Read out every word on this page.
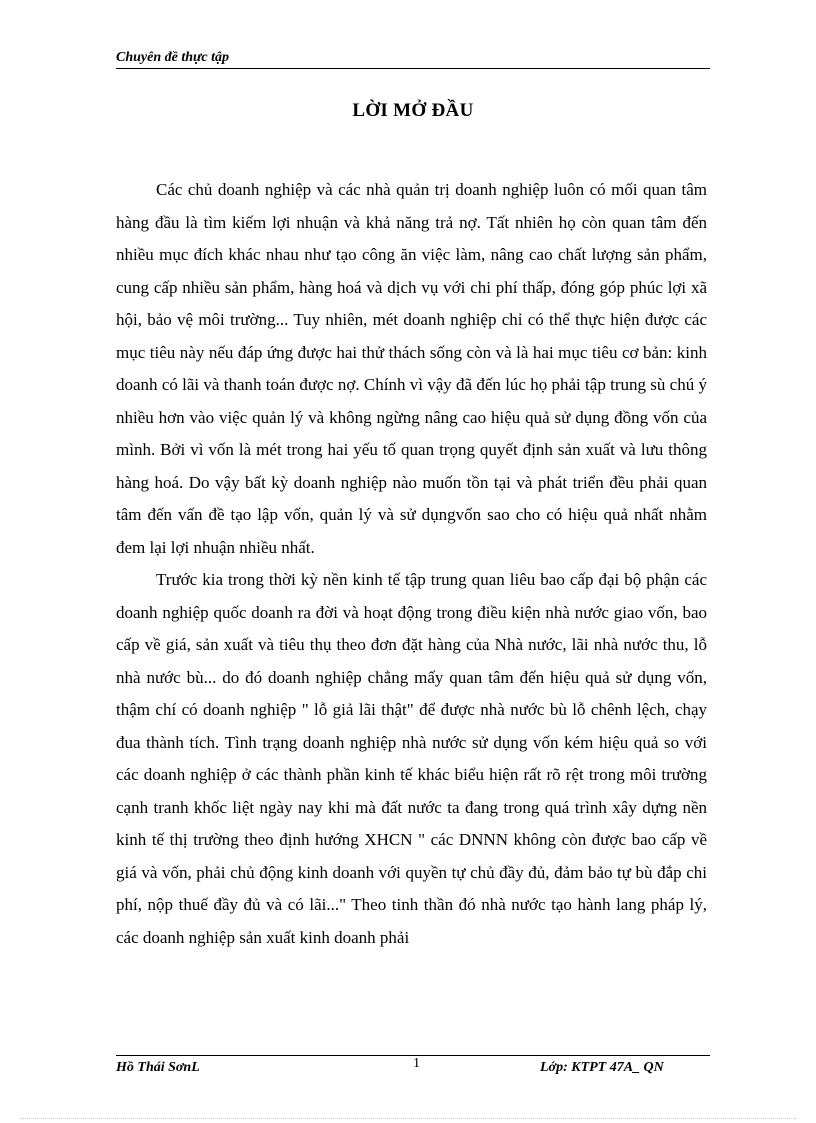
Chuyên đề thực tập
LỜI MỞ ĐẦU

Các chủ doanh nghiệp và các nhà quản trị doanh nghiệp luôn có mối quan tâm hàng đầu là tìm kiếm lợi nhuận và khả năng trả nợ. Tất nhiên họ còn quan tâm đến nhiều mục đích khác nhau như tạo công ăn việc làm, nâng cao chất lượng sản phẩm, cung cấp nhiều sản phẩm, hàng hoá và dịch vụ với chi phí thấp, đóng góp phúc lợi xã hội, bảo vệ môi trường... Tuy nhiên, mét doanh nghiệp chỉ có thể thực hiện được các mục tiêu này nếu đáp ứng được hai thử thách sống còn và là hai mục tiêu cơ bản: kinh doanh có lãi và thanh toán được nợ. Chính vì vậy đã đến lúc họ phải tập trung sù chú ý nhiều hơn vào việc quản lý và không ngừng nâng cao hiệu quả sử dụng đồng vốn của mình. Bởi vì vốn là mét trong hai yếu tố quan trọng quyết định sản xuất và lưu thông hàng hoá. Do vậy bất kỳ doanh nghiệp nào muốn tồn tại và phát triển đều phải quan tâm đến vấn đề tạo lập vốn, quản lý và sử dụngvốn sao cho có hiệu quả nhất nhằm đem lại lợi nhuận nhiều nhất.

Trước kia trong thời kỳ nền kinh tế tập trung quan liêu bao cấp đại bộ phận các doanh nghiệp quốc doanh ra đời và hoạt động trong điều kiện nhà nước giao vốn, bao cấp về giá, sản xuất và tiêu thụ theo đơn đặt hàng của Nhà nước, lãi nhà nước thu, lỗ nhà nước bù... do đó doanh nghiệp chẳng mấy quan tâm đến hiệu quả sử dụng vốn, thậm chí có doanh nghiệp " lỗ giả lãi thật" để được nhà nước bù lỗ chênh lệch, chạy đua thành tích. Tình trạng doanh nghiệp nhà nước sử dụng vốn kém hiệu quả so với các doanh nghiệp ở các thành phần kinh tế khác biểu hiện rất rõ rệt trong môi trường cạnh tranh khốc liệt ngày nay khi mà đất nước ta đang trong quá trình xây dựng nền kinh tế thị trường theo định hướng XHCN " các DNNN không còn được bao cấp về giá và vốn, phải chủ động kinh doanh với quyền tự chủ đầy đủ, đảm bảo tự bù đắp chi phí, nộp thuế đầy đủ và có lãi..." Theo tinh thần đó nhà nước tạo hành lang pháp lý, các doanh nghiệp sản xuất kinh doanh phải

Hồ Thái SơnL	1	Lớp: KTPT 47A_ QN
